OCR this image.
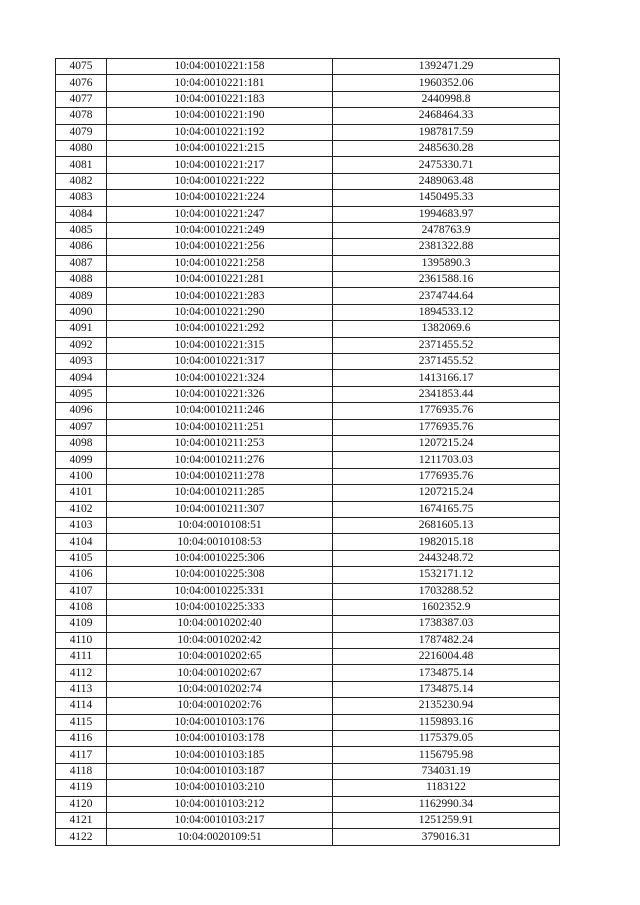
4075	10:04:0010221:158	1392471.29
4076	10:04:0010221:181	1960352.06
4077	10:04:0010221:183	2440998.8
4078	10:04:0010221:190	2468464.33
4079	10:04:0010221:192	1987817.59
4080	10:04:0010221:215	2485630.28
4081	10:04:0010221:217	2475330.71
4082	10:04:0010221:222	2489063.48
4083	10:04:0010221:224	1450495.33
4084	10:04:0010221:247	1994683.97
4085	10:04:0010221:249	2478763.9
4086	10:04:0010221:256	2381322.88
4087	10:04:0010221:258	1395890.3
4088	10:04:0010221:281	2361588.16
4089	10:04:0010221:283	2374744.64
4090	10:04:0010221:290	1894533.12
4091	10:04:0010221:292	1382069.6
4092	10:04:0010221:315	2371455.52
4093	10:04:0010221:317	2371455.52
4094	10:04:0010221:324	1413166.17
4095	10:04:0010221:326	2341853.44
4096	10:04:0010211:246	1776935.76
4097	10:04:0010211:251	1776935.76
4098	10:04:0010211:253	1207215.24
4099	10:04:0010211:276	1211703.03
4100	10:04:0010211:278	1776935.76
4101	10:04:0010211:285	1207215.24
4102	10:04:0010211:307	1674165.75
4103	10:04:0010108:51	2681605.13
4104	10:04:0010108:53	1982015.18
4105	10:04:0010225:306	2443248.72
4106	10:04:0010225:308	1532171.12
4107	10:04:0010225:331	1703288.52
4108	10:04:0010225:333	1602352.9
4109	10:04:0010202:40	1738387.03
4110	10:04:0010202:42	1787482.24
4111	10:04:0010202:65	2216004.48
4112	10:04:0010202:67	1734875.14
4113	10:04:0010202:74	1734875.14
4114	10:04:0010202:76	2135230.94
4115	10:04:0010103:176	1159893.16
4116	10:04:0010103:178	1175379.05
4117	10:04:0010103:185	1156795.98
4118	10:04:0010103:187	734031.19
4119	10:04:0010103:210	1183122
4120	10:04:0010103:212	1162990.34
4121	10:04:0010103:217	1251259.91
4122	10:04:0020109:51	379016.31
